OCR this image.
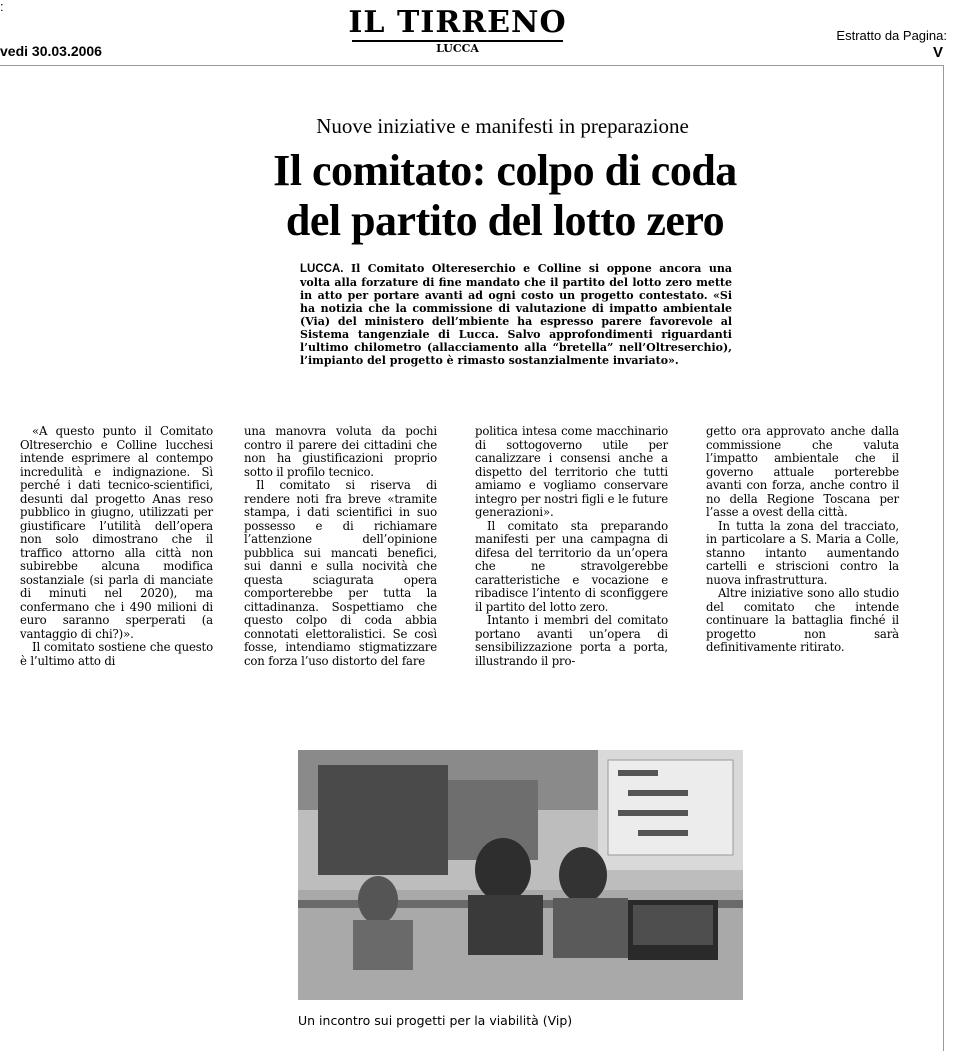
:
vedi 30.03.2006
IL TIRRENO
LUCCA
Estratto da Pagina:
V
Nuove iniziative e manifesti in preparazione
Il comitato: colpo di coda
del partito del lotto zero
LUCCA. Il Comitato Oltereserchio e Colline si oppone ancora una volta alla forzature di fine mandato che il partito del lotto zero mette in atto per portare avanti ad ogni costo un progetto contestato. «Si ha notizia che la commissione di valutazione di impatto ambientale (Via) del ministero dell’mbiente ha espresso parere favorevole al Sistema tangenziale di Lucca. Salvo approfondimenti riguardanti l’ultimo chilometro (allacciamento alla “bretella” nell’Oltreserchio), l’impianto del progetto è rimasto sostanzialmente invariato».

«A questo punto il Comitato Oltreserchio e Colline lucchesi intende esprimere al contempo incredulità e indignazione. Sì perché i dati tecnico-scientifici, desunti dal progetto Anas reso pubblico in giugno, utilizzati per giustificare l’utilità dell’opera non solo dimostrano che il traffico attorno alla città non subirebbe alcuna modifica sostanziale (si parla di manciate di minuti nel 2020), ma confermano che i 490 milioni di euro saranno sperperati (a vantaggio di chi?)».

Il comitato sostiene che questo è l’ultimo atto di

una manovra voluta da pochi contro il parere dei cittadini che non ha giustificazioni proprio sotto il profilo tecnico.

Il comitato si riserva di rendere noti fra breve «tramite stampa, i dati scientifici in suo possesso e di richiamare l’attenzione dell’opinione pubblica sui mancati benefici, sui danni e sulla nocività che questa sciagurata opera comporterebbe per tutta la cittadinanza. Sospettiamo che questo colpo di coda abbia connotati elettoralistici. Se così fosse, intendiamo stigmatizzare con forza l’uso distorto del fare

politica intesa come macchinario di sottogoverno utile per canalizzare i consensi anche a dispetto del territorio che tutti amiamo e vogliamo conservare integro per nostri figli e le future generazioni».

Il comitato sta preparando manifesti per una campagna di difesa del territorio da un’opera che ne stravolgerebbe caratteristiche e vocazione e ribadisce l’intento di sconfiggere il partito del lotto zero.

Intanto i membri del comitato portano avanti un’opera di sensibilizzazione porta a porta, illustrando il pro-

getto ora approvato anche dalla commissione che valuta l’impatto ambientale che il governo attuale porterebbe avanti con forza, anche contro il no della Regione Toscana per l’asse a ovest della città.

In tutta la zona del tracciato, in particolare a S. Maria a Colle, stanno intanto aumentando cartelli e striscioni contro la nuova infrastruttura.

Altre iniziative sono allo studio del comitato che intende continuare la battaglia finché il progetto non sarà definitivamente ritirato.

Un incontro sui progetti per la viabilità (Vip)
